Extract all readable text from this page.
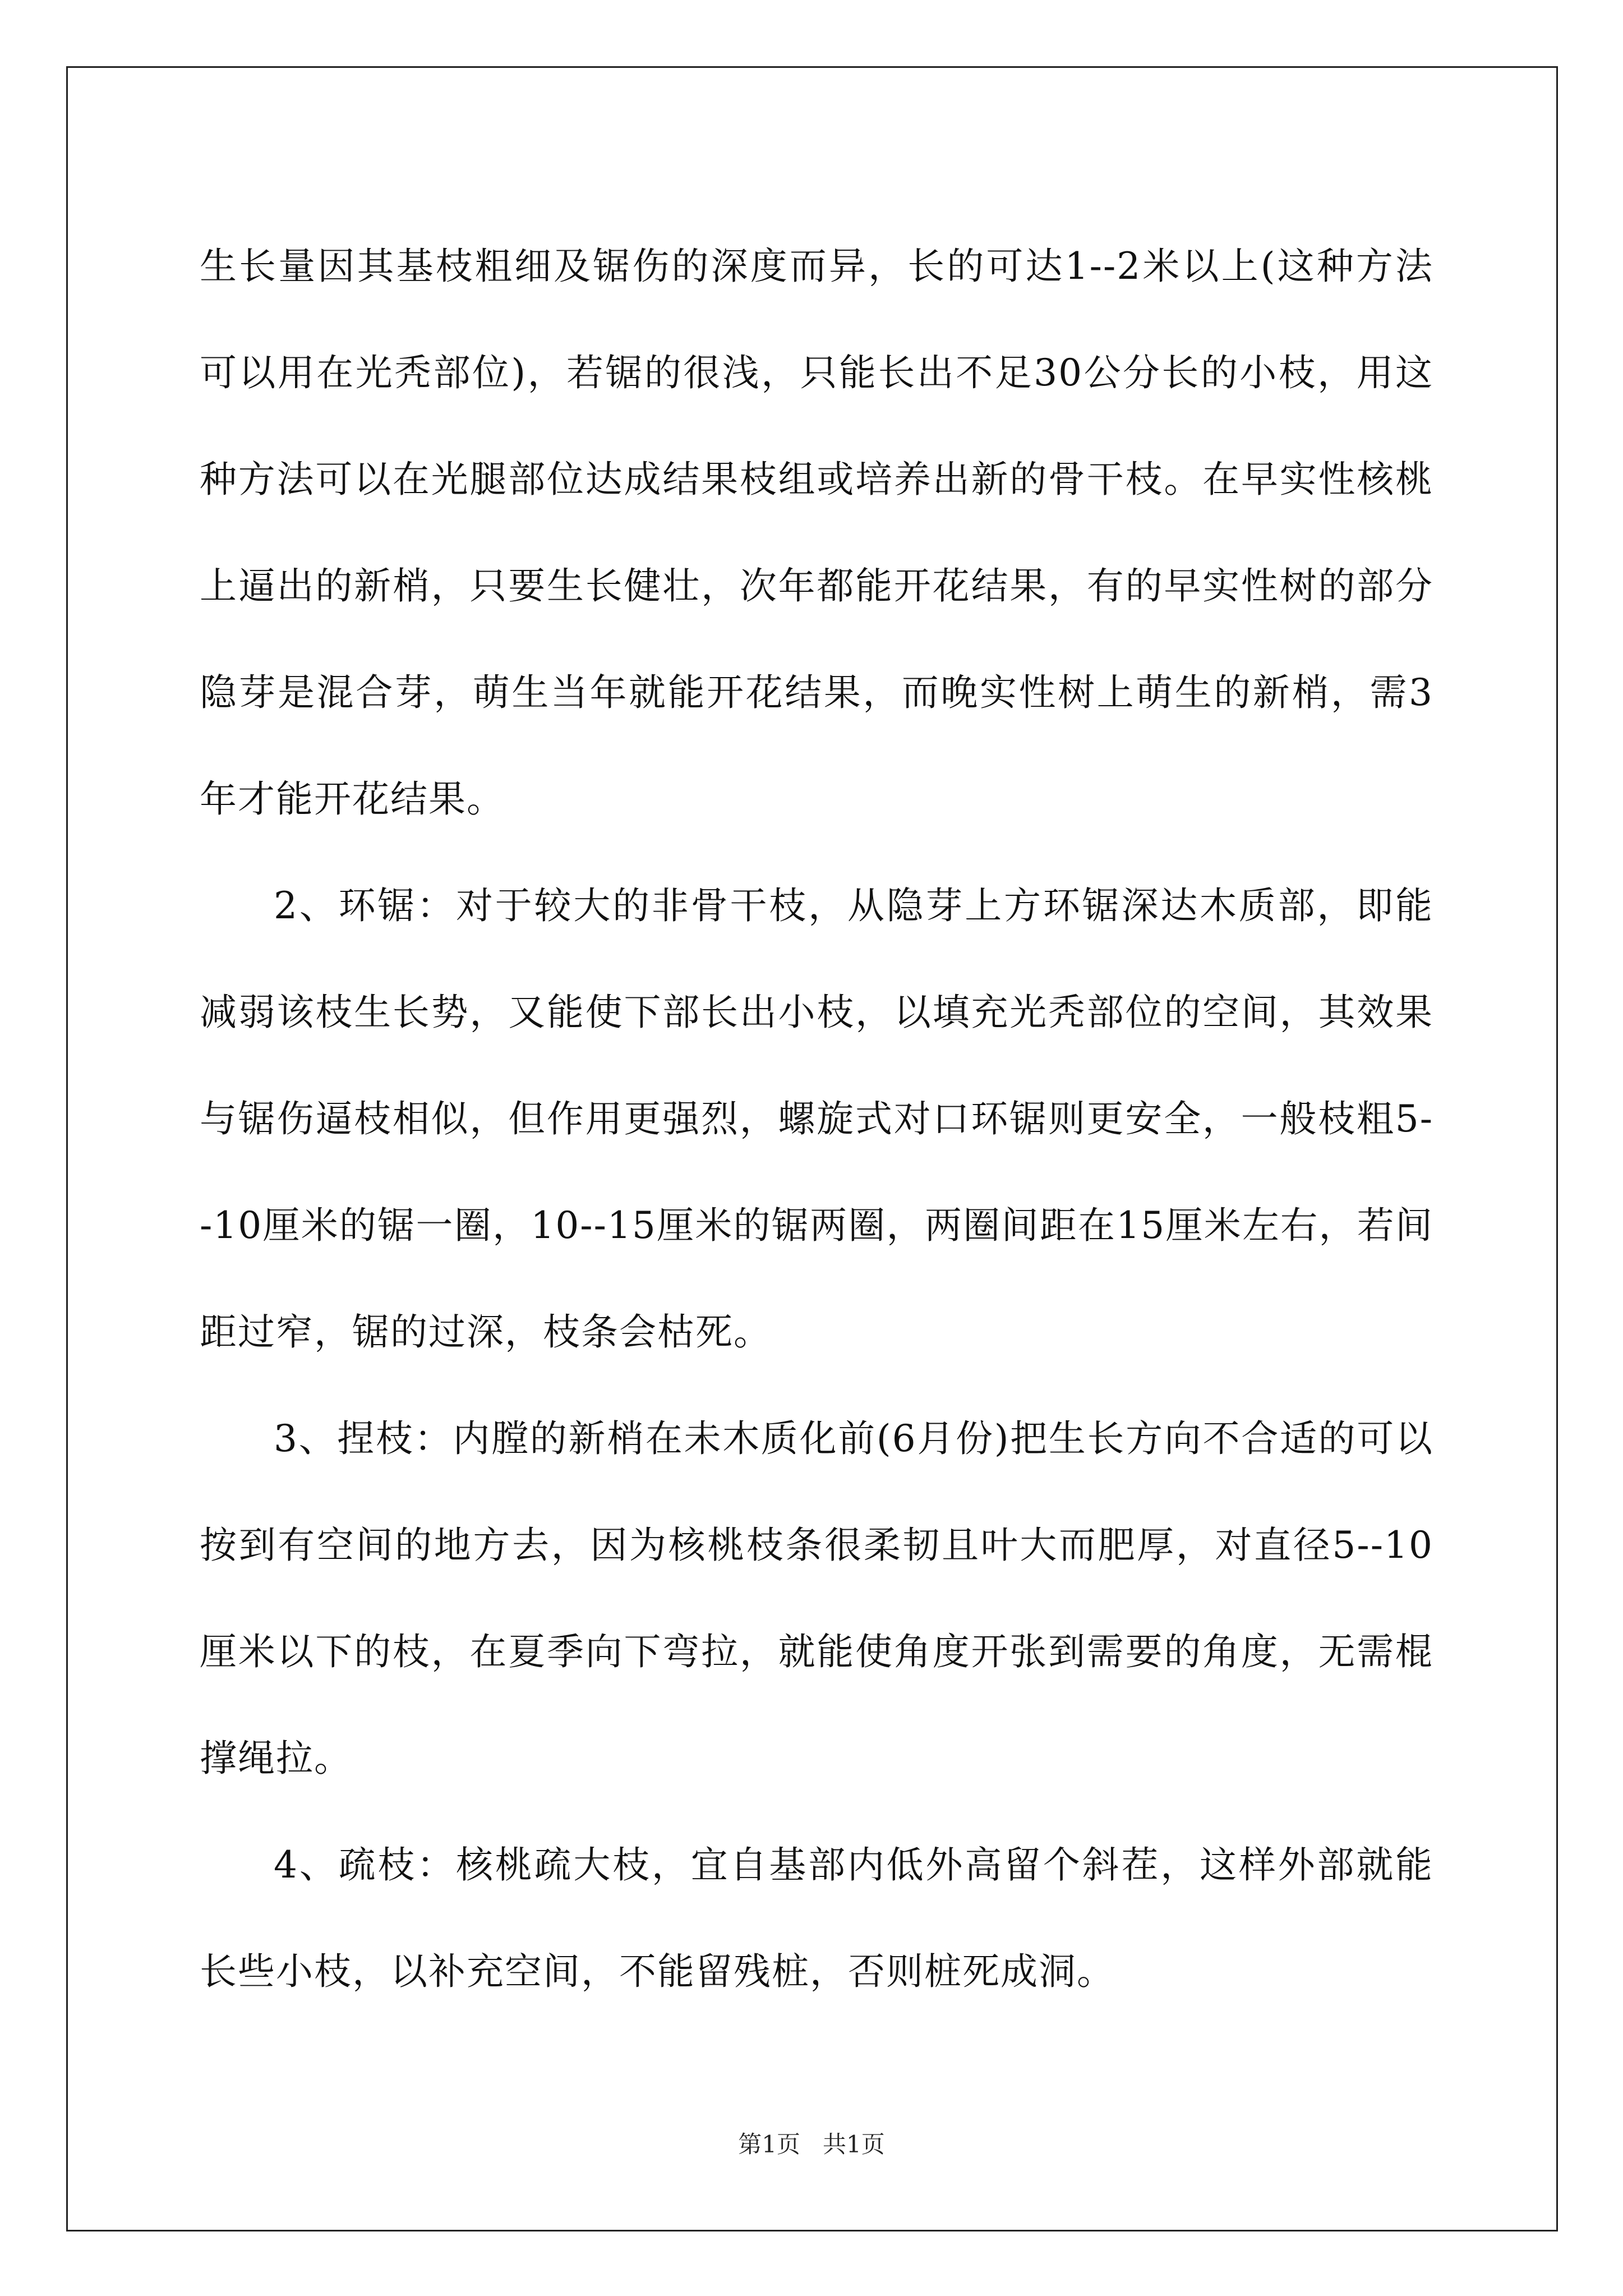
生长量因其基枝粗细及锯伤的深度而异，长的可达1--2米以上(这种方法可以用在光秃部位)，若锯的很浅，只能长出不足30公分长的小枝，用这种方法可以在光腿部位达成结果枝组或培养出新的骨干枝。在早实性核桃上逼出的新梢，只要生长健壮，次年都能开花结果，有的早实性树的部分隐芽是混合芽，萌生当年就能开花结果，而晚实性树上萌生的新梢，需3年才能开花结果。

2、环锯：对于较大的非骨干枝，从隐芽上方环锯深达木质部，即能减弱该枝生长势，又能使下部长出小枝，以填充光秃部位的空间，其效果与锯伤逼枝相似，但作用更强烈，螺旋式对口环锯则更安全，一般枝粗5--10厘米的锯一圈，10--15厘米的锯两圈，两圈间距在15厘米左右，若间距过窄，锯的过深，枝条会枯死。

3、捏枝：内膛的新梢在未木质化前(6月份)把生长方向不合适的可以按到有空间的地方去，因为核桃枝条很柔韧且叶大而肥厚，对直径5--10厘米以下的枝，在夏季向下弯拉，就能使角度开张到需要的角度，无需棍撑绳拉。

4、疏枝：核桃疏大枝，宜自基部内低外高留个斜茬，这样外部就能长些小枝，以补充空间，不能留残桩，否则桩死成洞。

第1页   共1页
